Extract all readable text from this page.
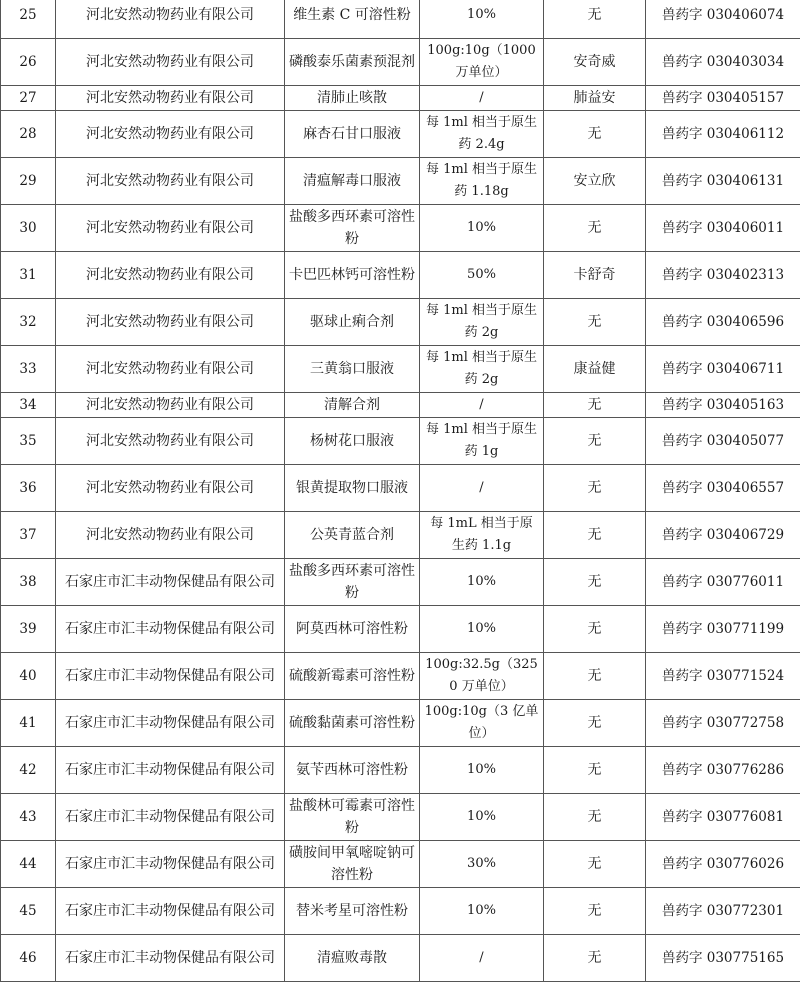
25	河北安然动物药业有限公司	维生素 C 可溶性粉	10%	无	兽药字 030406074
26	河北安然动物药业有限公司	磷酸泰乐菌素预混剂	100g:10g（1000 万单位）	安奇威	兽药字 030403034
27	河北安然动物药业有限公司	清肺止咳散	/	肺益安	兽药字 030405157
28	河北安然动物药业有限公司	麻杏石甘口服液	每 1ml 相当于原生药 2.4g	无	兽药字 030406112
29	河北安然动物药业有限公司	清瘟解毒口服液	每 1ml 相当于原生药 1.18g	安立欣	兽药字 030406131
30	河北安然动物药业有限公司	盐酸多西环素可溶性粉	10%	无	兽药字 030406011
31	河北安然动物药业有限公司	卡巴匹林钙可溶性粉	50%	卡舒奇	兽药字 030402313
32	河北安然动物药业有限公司	驱球止痢合剂	每 1ml 相当于原生药 2g	无	兽药字 030406596
33	河北安然动物药业有限公司	三黄翁口服液	每 1ml 相当于原生药 2g	康益健	兽药字 030406711
34	河北安然动物药业有限公司	清解合剂	/	无	兽药字 030405163
35	河北安然动物药业有限公司	杨树花口服液	每 1ml 相当于原生药 1g	无	兽药字 030405077
36	河北安然动物药业有限公司	银黄提取物口服液	/	无	兽药字 030406557
37	河北安然动物药业有限公司	公英青蓝合剂	每 1mL 相当于原生药 1.1g	无	兽药字 030406729
38	石家庄市汇丰动物保健品有限公司	盐酸多西环素可溶性粉	10%	无	兽药字 030776011
39	石家庄市汇丰动物保健品有限公司	阿莫西林可溶性粉	10%	无	兽药字 030771199
40	石家庄市汇丰动物保健品有限公司	硫酸新霉素可溶性粉	100g:32.5g（3250 万单位）	无	兽药字 030771524
41	石家庄市汇丰动物保健品有限公司	硫酸黏菌素可溶性粉	100g:10g（3 亿单位）	无	兽药字 030772758
42	石家庄市汇丰动物保健品有限公司	氨苄西林可溶性粉	10%	无	兽药字 030776286
43	石家庄市汇丰动物保健品有限公司	盐酸林可霉素可溶性粉	10%	无	兽药字 030776081
44	石家庄市汇丰动物保健品有限公司	磺胺间甲氧嘧啶钠可溶性粉	30%	无	兽药字 030776026
45	石家庄市汇丰动物保健品有限公司	替米考星可溶性粉	10%	无	兽药字 030772301
46	石家庄市汇丰动物保健品有限公司	清瘟败毒散	/	无	兽药字 030775165
